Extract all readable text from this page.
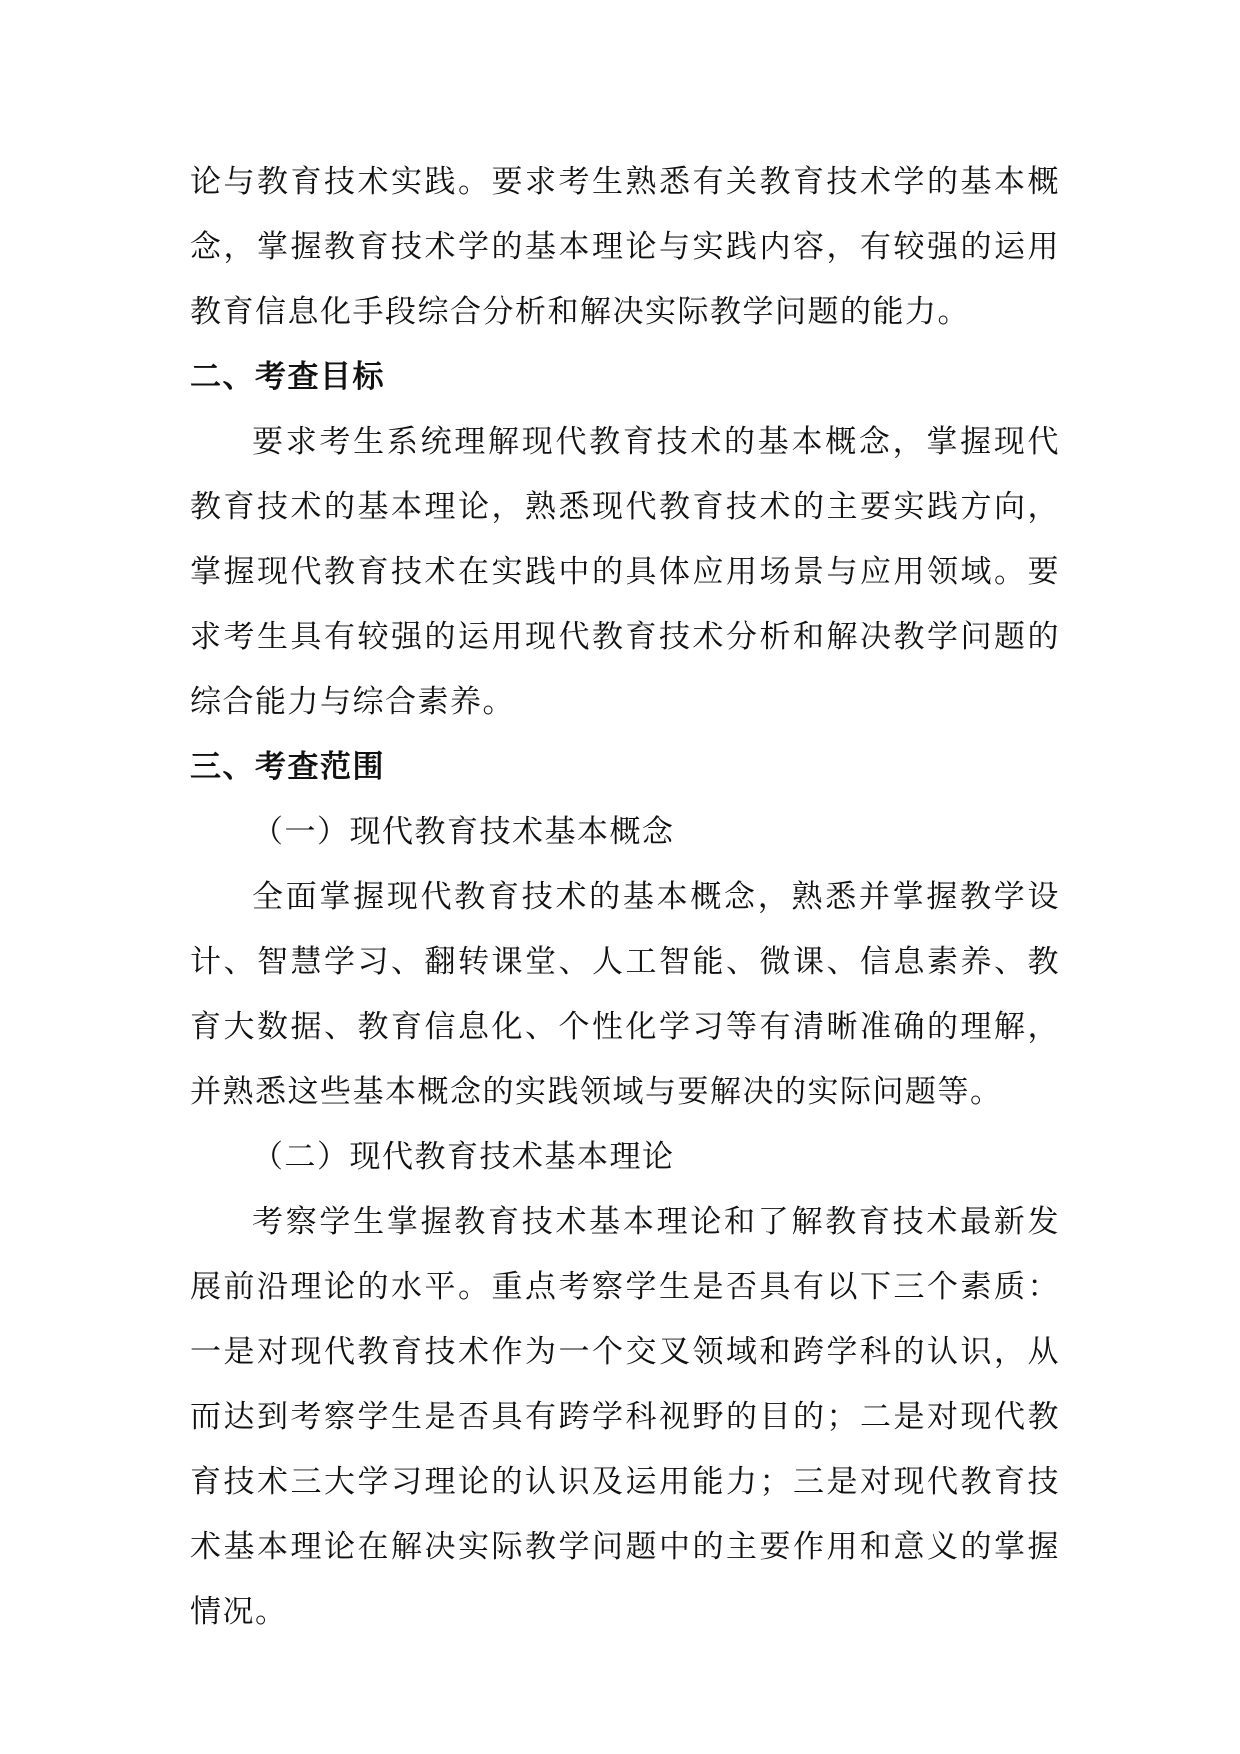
论与教育技术实践。要求考生熟悉有关教育技术学的基本概念，掌握教育技术学的基本理论与实践内容，有较强的运用教育信息化手段综合分析和解决实际教学问题的能力。

二、考查目标

要求考生系统理解现代教育技术的基本概念，掌握现代教育技术的基本理论，熟悉现代教育技术的主要实践方向，掌握现代教育技术在实践中的具体应用场景与应用领域。要求考生具有较强的运用现代教育技术分析和解决教学问题的综合能力与综合素养。

三、考查范围

（一）现代教育技术基本概念

全面掌握现代教育技术的基本概念，熟悉并掌握教学设计、智慧学习、翻转课堂、人工智能、微课、信息素养、教育大数据、教育信息化、个性化学习等有清晰准确的理解，并熟悉这些基本概念的实践领域与要解决的实际问题等。

（二）现代教育技术基本理论

考察学生掌握教育技术基本理论和了解教育技术最新发展前沿理论的水平。重点考察学生是否具有以下三个素质：一是对现代教育技术作为一个交叉领域和跨学科的认识，从而达到考察学生是否具有跨学科视野的目的；二是对现代教育技术三大学习理论的认识及运用能力；三是对现代教育技术基本理论在解决实际教学问题中的主要作用和意义的掌握情况。
